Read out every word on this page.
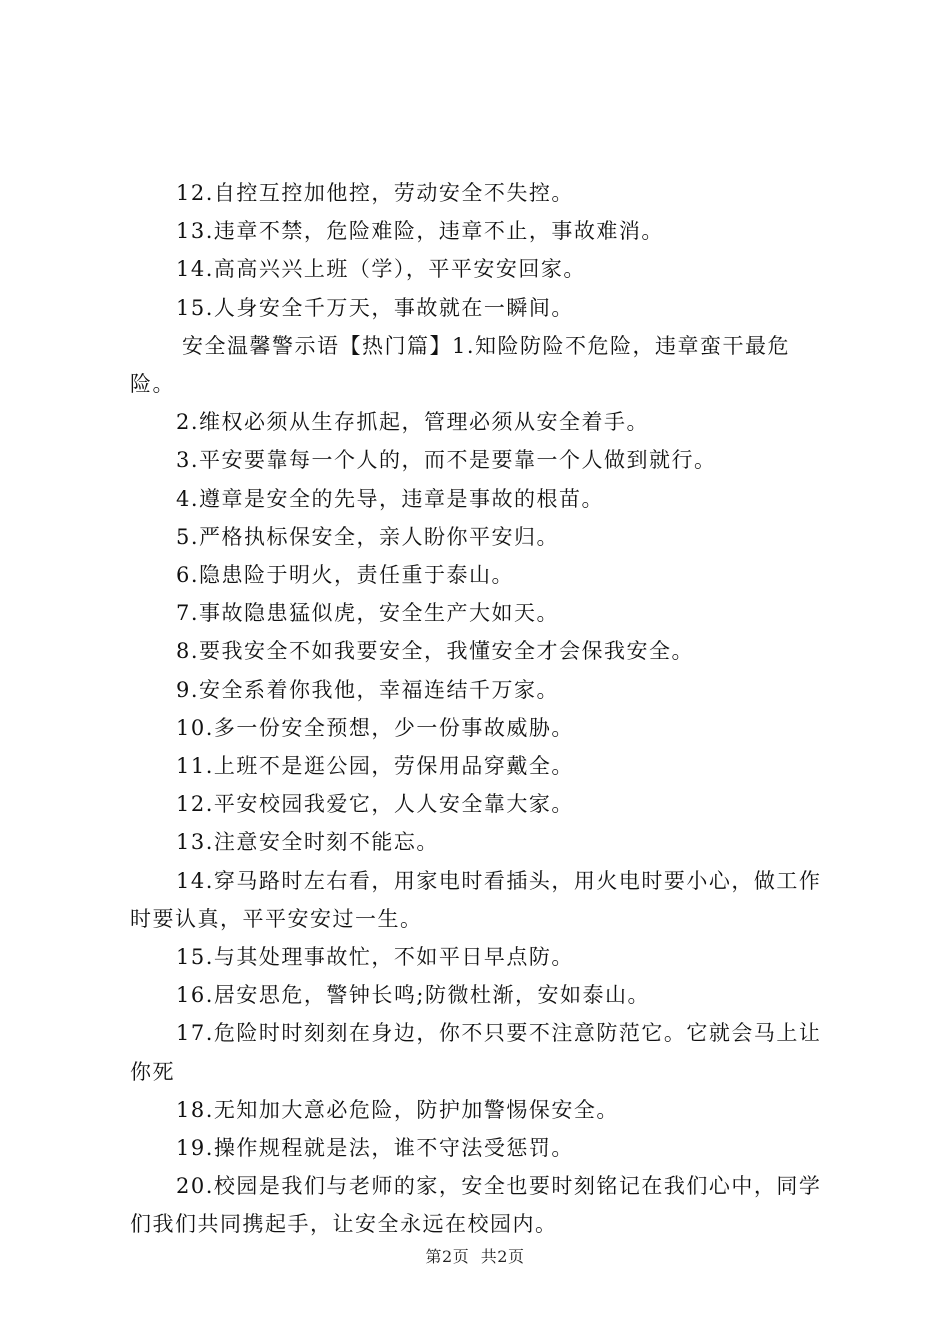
12.自控互控加他控，劳动安全不失控。

13.违章不禁，危险难险，违章不止，事故难消。

14.高高兴兴上班（学），平平安安回家。

15.人身安全千万天，事故就在一瞬间。

安全温馨警示语【热门篇】1.知险防险不危险，违章蛮干最危险。

2.维权必须从生存抓起，管理必须从安全着手。

3.平安要靠每一个人的，而不是要靠一个人做到就行。

4.遵章是安全的先导，违章是事故的根苗。

5.严格执标保安全，亲人盼你平安归。

6.隐患险于明火，责任重于泰山。

7.事故隐患猛似虎，安全生产大如天。

8.要我安全不如我要安全，我懂安全才会保我安全。

9.安全系着你我他，幸福连结千万家。

10.多一份安全预想，少一份事故威胁。

11.上班不是逛公园，劳保用品穿戴全。

12.平安校园我爱它，人人安全靠大家。

13.注意安全时刻不能忘。

14.穿马路时左右看，用家电时看插头，用火电时要小心，做工作时要认真，平平安安过一生。

15.与其处理事故忙，不如平日早点防。

16.居安思危，警钟长鸣;防微杜渐，安如泰山。

17.危险时时刻刻在身边，你不只要不注意防范它。它就会马上让你死

18.无知加大意必危险，防护加警惕保安全。

19.操作规程就是法，谁不守法受惩罚。

20.校园是我们与老师的家，安全也要时刻铭记在我们心中，同学们我们共同携起手，让安全永远在校园内。

第2页 共2页
